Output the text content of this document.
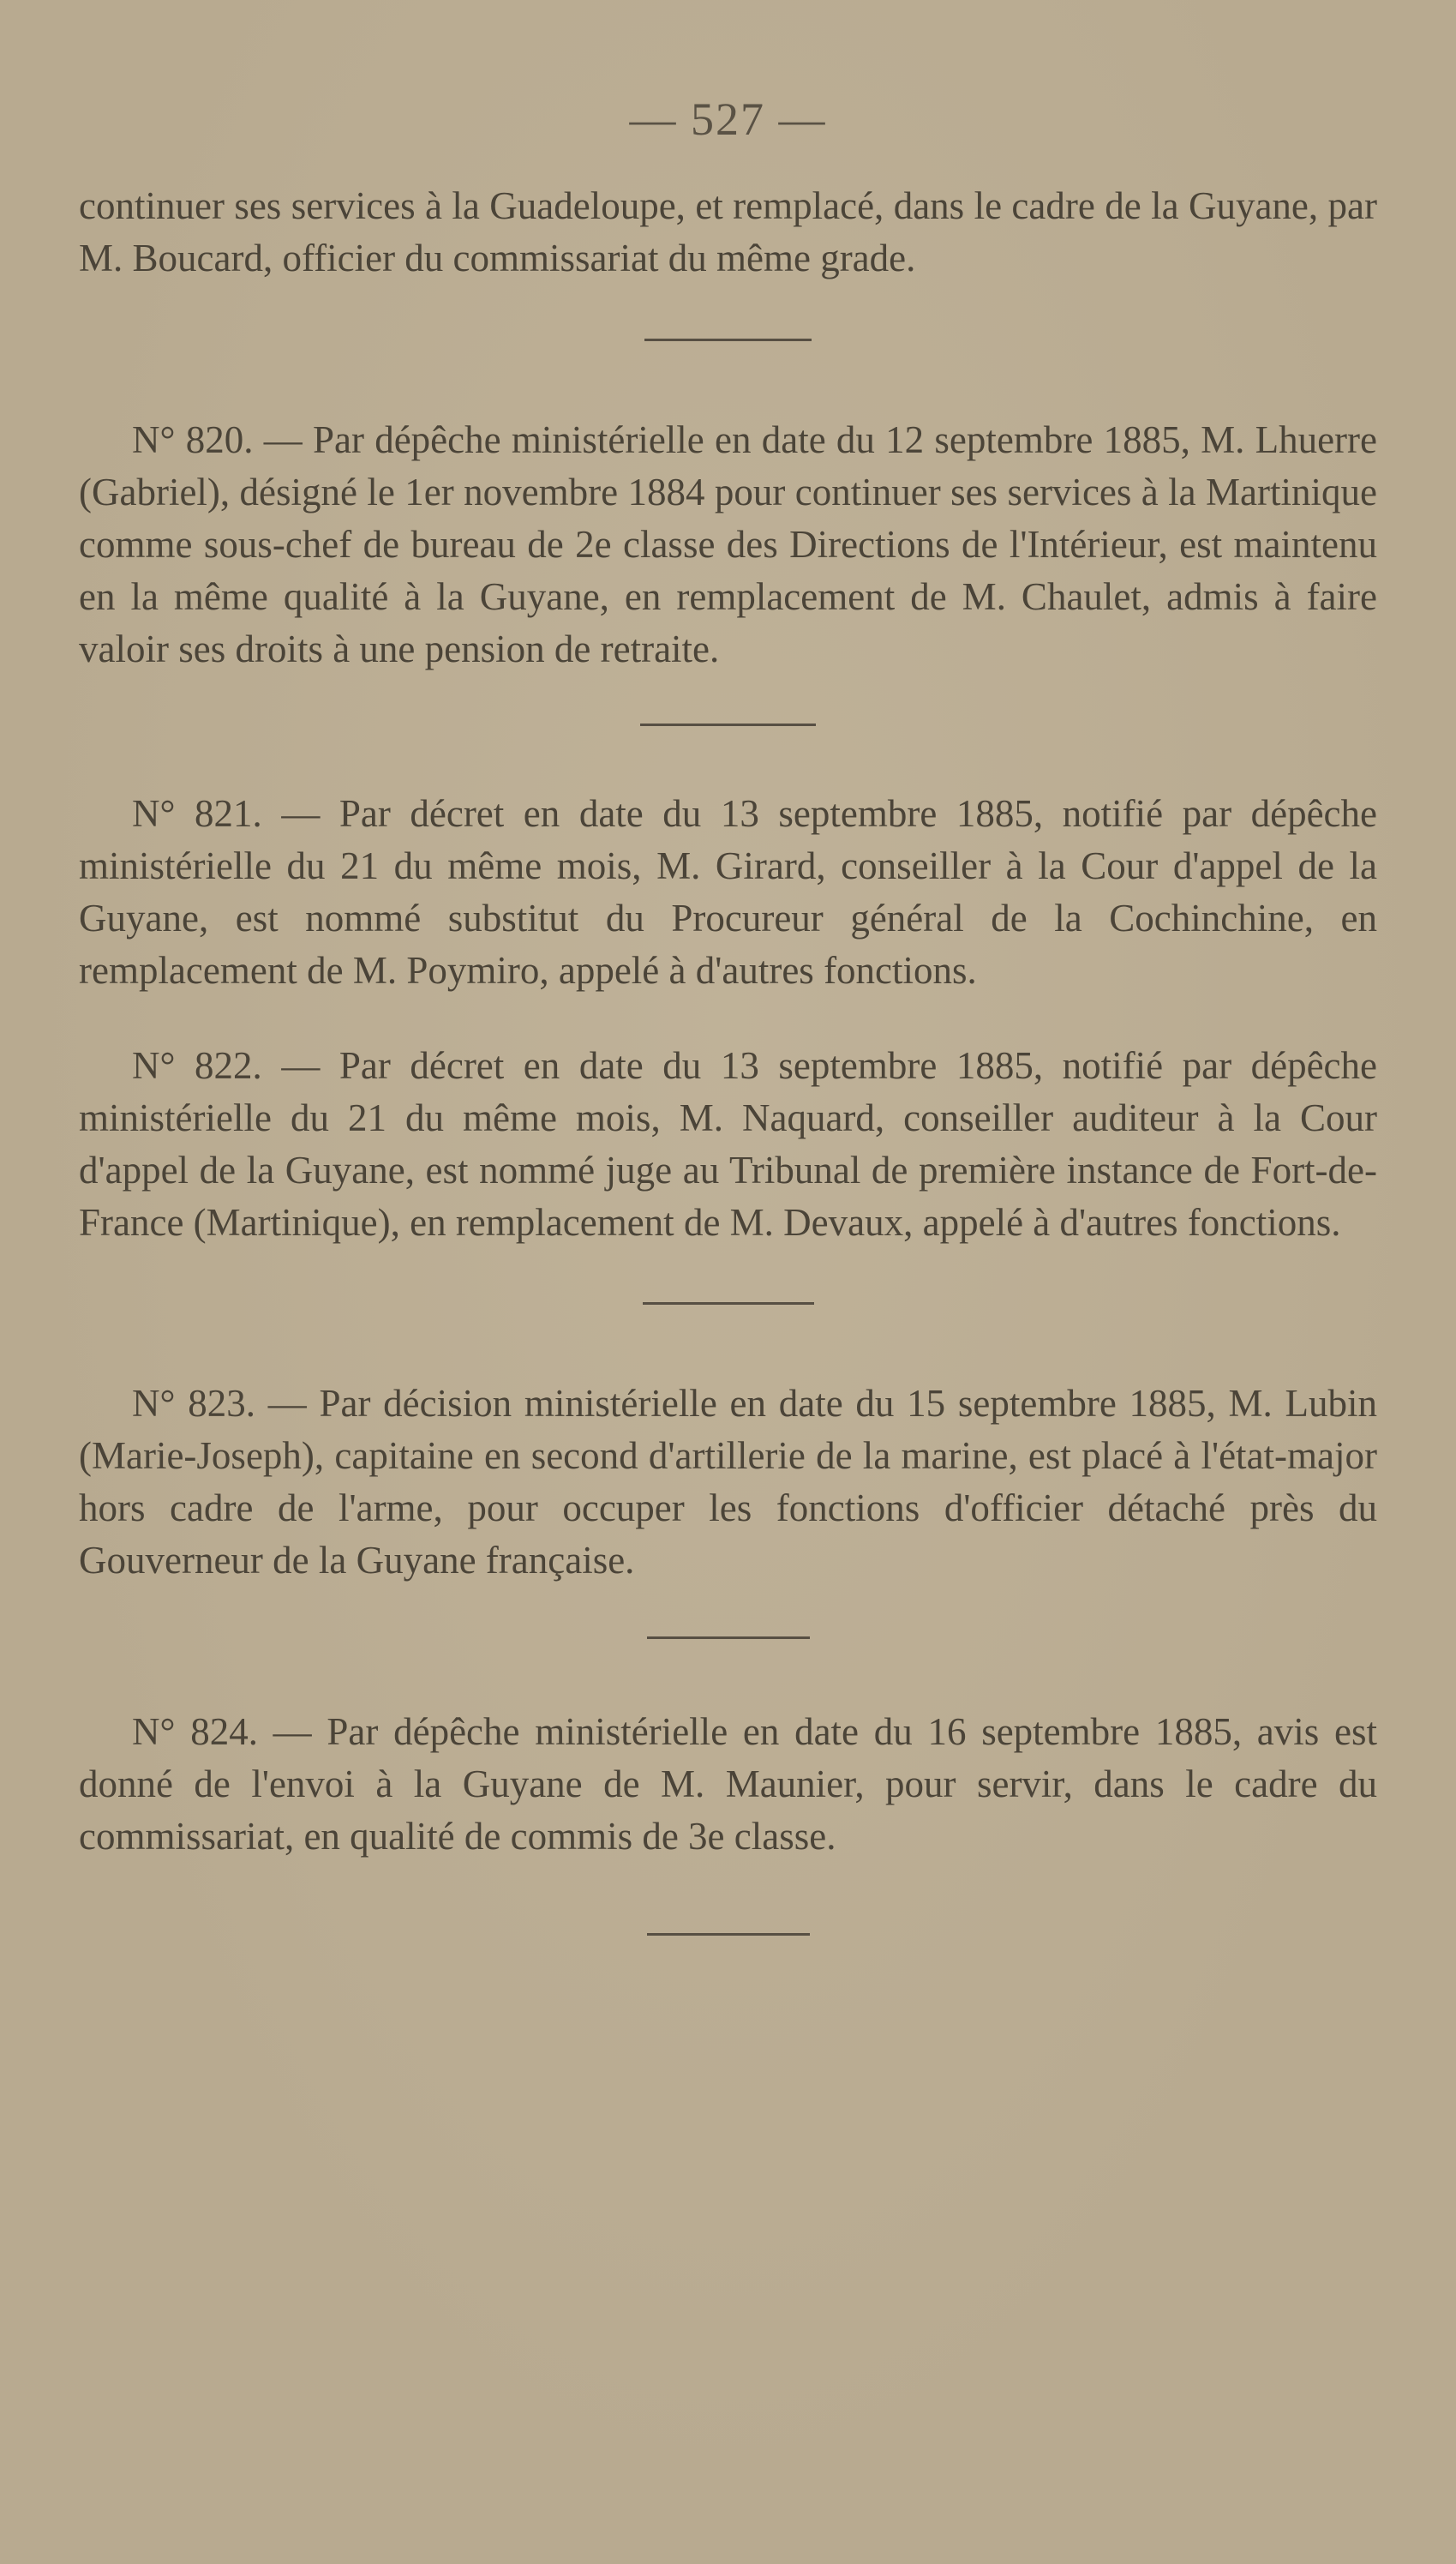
— 527 —

continuer ses services à la Guadeloupe, et remplacé, dans le cadre de la Guyane, par M. Boucard, officier du commissariat du même grade.

N° 820. — Par dépêche ministérielle en date du 12 septembre 1885, M. Lhuerre (Gabriel), désigné le 1er novembre 1884 pour continuer ses services à la Martinique comme sous-chef de bureau de 2e classe des Directions de l'Intérieur, est maintenu en la même qualité à la Guyane, en remplacement de M. Chaulet, admis à faire valoir ses droits à une pension de retraite.

N° 821. — Par décret en date du 13 septembre 1885, notifié par dépêche ministérielle du 21 du même mois, M. Girard, conseiller à la Cour d'appel de la Guyane, est nommé substitut du Procureur général de la Cochinchine, en remplacement de M. Poymiro, appelé à d'autres fonctions.

N° 822. — Par décret en date du 13 septembre 1885, notifié par dépêche ministérielle du 21 du même mois, M. Naquard, conseiller auditeur à la Cour d'appel de la Guyane, est nommé juge au Tribunal de première instance de Fort-de-France (Martinique), en remplacement de M. Devaux, appelé à d'autres fonctions.

N° 823. — Par décision ministérielle en date du 15 septembre 1885, M. Lubin (Marie-Joseph), capitaine en second d'artillerie de la marine, est placé à l'état-major hors cadre de l'arme, pour occuper les fonctions d'officier détaché près du Gouverneur de la Guyane française.

N° 824. — Par dépêche ministérielle en date du 16 septembre 1885, avis est donné de l'envoi à la Guyane de M. Maunier, pour servir, dans le cadre du commissariat, en qualité de commis de 3e classe.
